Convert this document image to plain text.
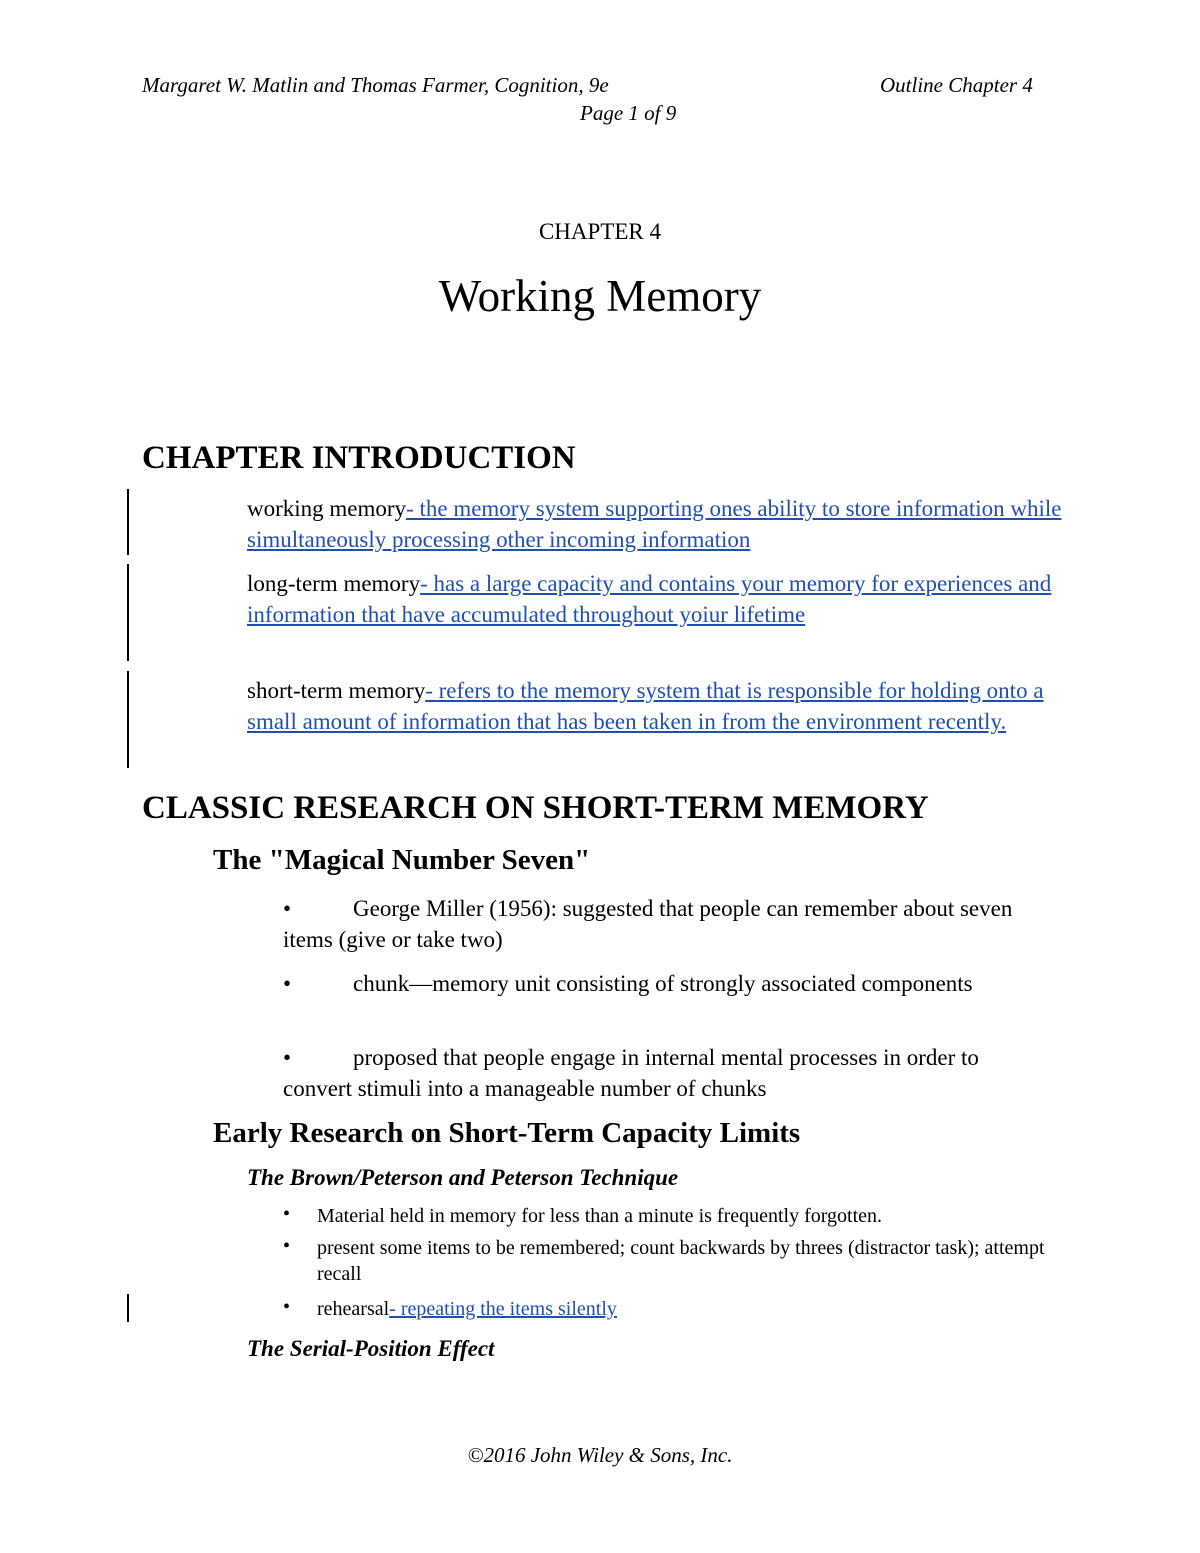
Margaret W. Matlin and Thomas Farmer, Cognition, 9e	Outline Chapter 4
Page 1 of 9
CHAPTER 4
Working Memory
CHAPTER INTRODUCTION
working memory- the memory system supporting ones ability to store information while simultaneously processing other incoming information
long-term memory- has a large capacity and contains your memory for experiences and information that have accumulated throughout yoiur lifetime
short-term memory- refers to the memory system that is responsible for holding onto a small amount of information that has been taken in from the environment recently.
CLASSIC RESEARCH ON SHORT-TERM MEMORY
The "Magical Number Seven"
•	George Miller (1956): suggested that people can remember about seven items (give or take two)
•	chunk—memory unit consisting of strongly associated components
•	proposed that people engage in internal mental processes in order to convert stimuli into a manageable number of chunks
Early Research on Short-Term Capacity Limits
The Brown/Peterson and Peterson Technique
• Material held in memory for less than a minute is frequently forgotten.
• present some items to be remembered; count backwards by threes (distractor task); attempt recall
• rehearsal- repeating the items silently
The Serial-Position Effect
©2016 John Wiley & Sons, Inc.
